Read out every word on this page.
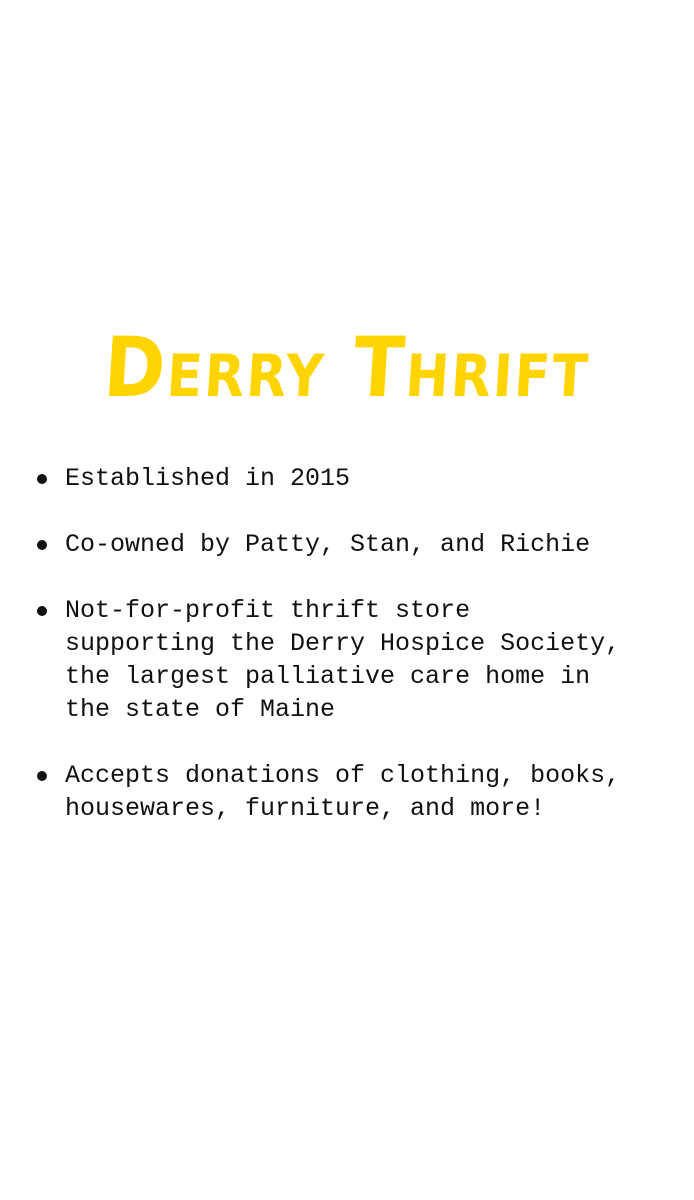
Derry Thrift
Established in 2015
Co-owned by Patty, Stan, and Richie
Not-for-profit thrift store supporting the Derry Hospice Society, the largest palliative care home in the state of Maine
Accepts donations of clothing, books, housewares, furniture, and more!
